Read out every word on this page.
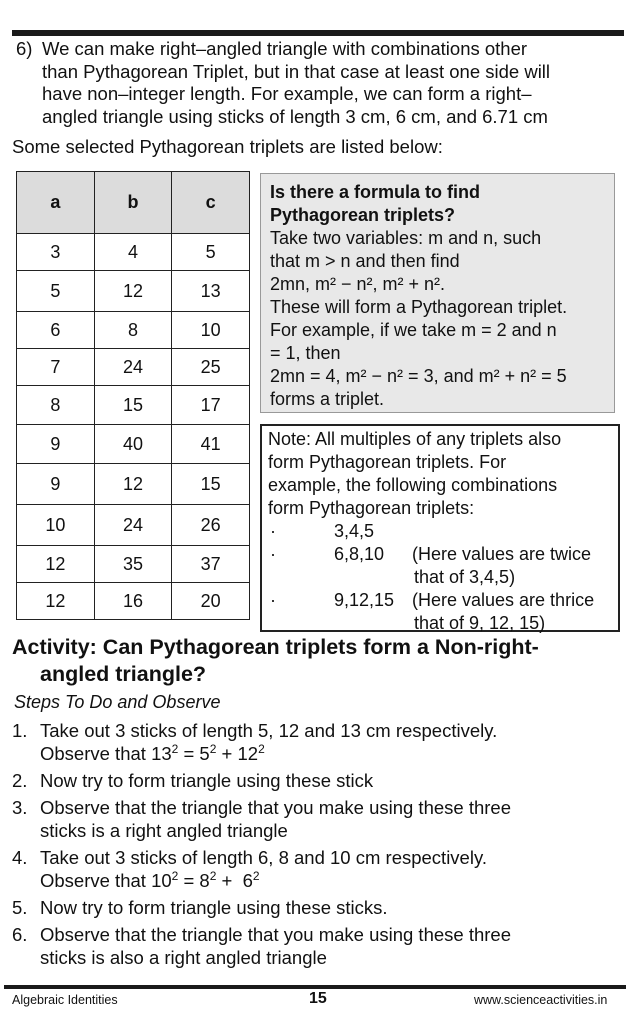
6) We can make right–angled triangle with combinations other
than Pythagorean Triplet, but in that case at least one side will
have non–integer length. For example, we can form a right–
angled triangle using sticks of length 3 cm, 6 cm, and 6.71 cm
Some selected Pythagorean triplets are listed below:
a	b	c
3	4	5
5	12	13
6	8	10
7	24	25
8	15	17
9	40	41
9	12	15
10	24	26
12	35	37
12	16	20
Is there a formula to find
Pythagorean triplets?
Take two variables: m and n, such
that m > n and then find
2mn, m² − n², m² + n².
These will form a Pythagorean triplet.
For example, if we take m = 2 and n
= 1, then
2mn = 4, m² − n² = 3, and m² + n² = 5
forms a triplet.
Note: All multiples of any triplets also
form Pythagorean triplets. For
example, the following combinations
form Pythagorean triplets:
·	3,4,5
·	6,8,10 (Here values are twice
that of 3,4,5)
·	9,12,15 (Here values are thrice
that of 9, 12, 15)
Activity: Can Pythagorean triplets form a Non-right-
angled triangle?
Steps To Do and Observe
1. Take out 3 sticks of length 5, 12 and 13 cm respectively.
Observe that $13^2 = 5^2 + 12^2$
2. Now try to form triangle using these stick
3. Observe that the triangle that you make using these three
sticks is a right angled triangle
4. Take out 3 sticks of length 6, 8 and 10 cm respectively.
Observe that $10^2 = 8^2 + 6^2$
5. Now try to form triangle using these sticks.
6. Observe that the triangle that you make using these three
sticks is also a right angled triangle
Algebraic Identities	15	www.scienceactivities.in
